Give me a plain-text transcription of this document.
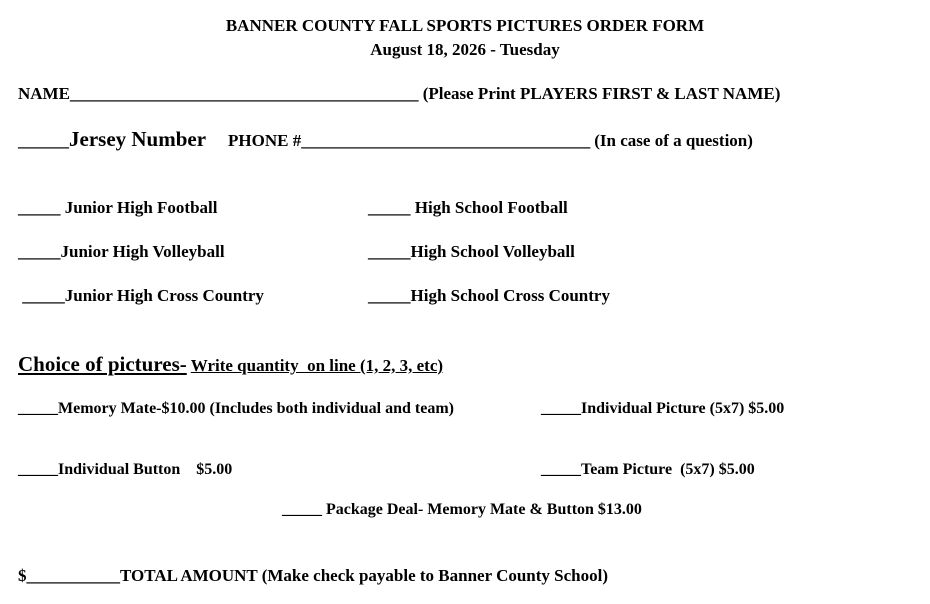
BANNER COUNTY FALL SPORTS PICTURES ORDER FORM
August 18, 2026 - Tuesday
NAME_________________________________________ (Please Print PLAYERS FIRST & LAST NAME)
______Jersey Number PHONE #__________________________________ (In case of a question)
_____ Junior High Football	_____ High School Football
_____Junior High Volleyball	_____High School Volleyball
_____Junior High Cross Country	_____High School Cross Country
Choice of pictures- Write quantity  on line (1, 2, 3, etc)
_____Memory Mate-$10.00 (Includes both individual and team)	_____Individual Picture (5x7) $5.00
_____Individual Button    $5.00	_____Team Picture  (5x7) $5.00
_____ Package Deal- Memory Mate & Button $13.00
$___________TOTAL AMOUNT (Make check payable to Banner County School)
